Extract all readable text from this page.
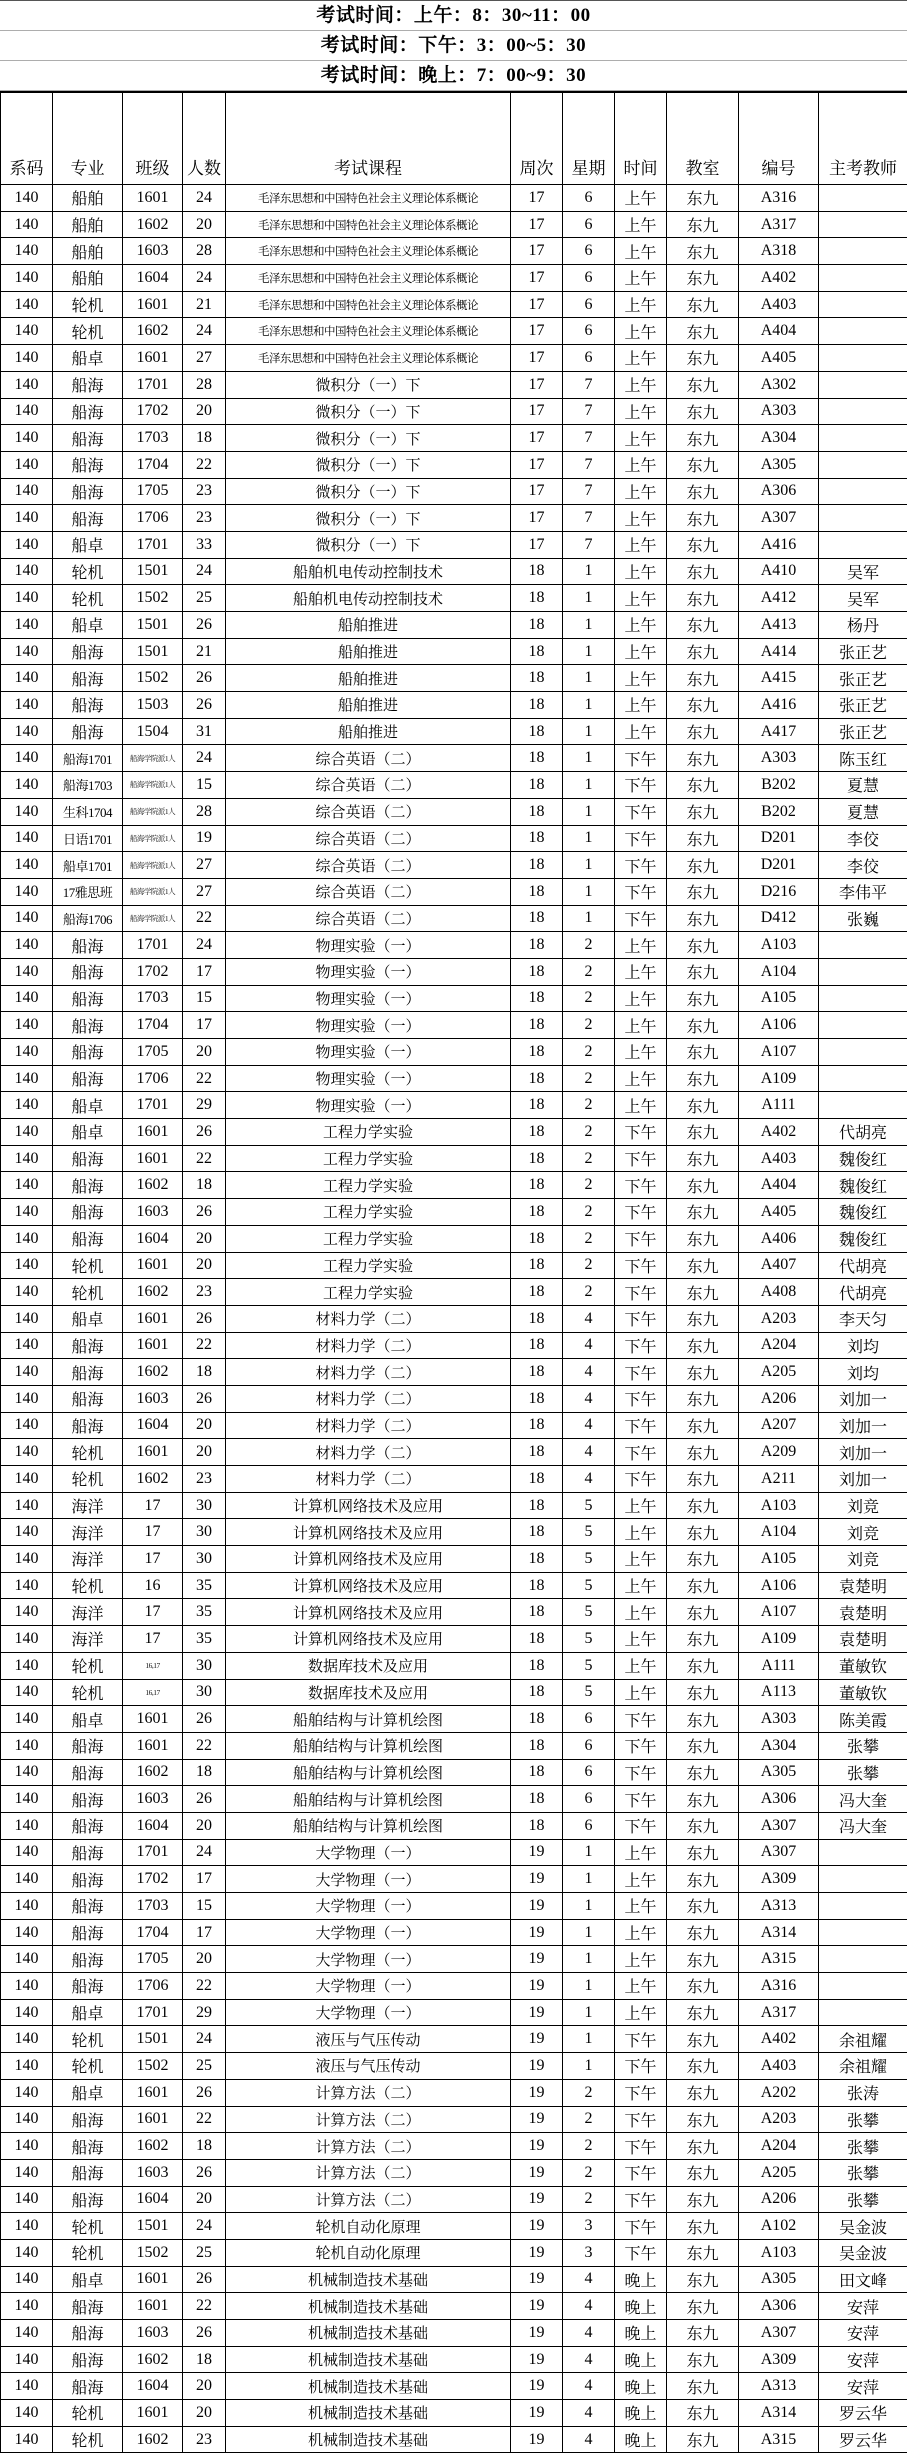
考试时间：上午：8：30~11：00
考试时间：下午：3：00~5：30
考试时间：晚上：7：00~9：30
系码	专业	班级	人数	考试课程	周次	星期	时间	教室	编号	主考教师
140	船舶	1601	24	毛泽东思想和中国特色社会主义理论体系概论	17	6	上午	东九	A316	
140	船舶	1602	20	毛泽东思想和中国特色社会主义理论体系概论	17	6	上午	东九	A317	
140	船舶	1603	28	毛泽东思想和中国特色社会主义理论体系概论	17	6	上午	东九	A318	
140	船舶	1604	24	毛泽东思想和中国特色社会主义理论体系概论	17	6	上午	东九	A402	
140	轮机	1601	21	毛泽东思想和中国特色社会主义理论体系概论	17	6	上午	东九	A403	
140	轮机	1602	24	毛泽东思想和中国特色社会主义理论体系概论	17	6	上午	东九	A404	
140	船卓	1601	27	毛泽东思想和中国特色社会主义理论体系概论	17	6	上午	东九	A405	
140	船海	1701	28	微积分（一）下	17	7	上午	东九	A302	
140	船海	1702	20	微积分（一）下	17	7	上午	东九	A303	
140	船海	1703	18	微积分（一）下	17	7	上午	东九	A304	
140	船海	1704	22	微积分（一）下	17	7	上午	东九	A305	
140	船海	1705	23	微积分（一）下	17	7	上午	东九	A306	
140	船海	1706	23	微积分（一）下	17	7	上午	东九	A307	
140	船卓	1701	33	微积分（一）下	17	7	上午	东九	A416	
140	轮机	1501	24	船舶机电传动控制技术	18	1	上午	东九	A410	吴军
140	轮机	1502	25	船舶机电传动控制技术	18	1	上午	东九	A412	吴军
140	船卓	1501	26	船舶推进	18	1	上午	东九	A413	杨丹
140	船海	1501	21	船舶推进	18	1	上午	东九	A414	张正艺
140	船海	1502	26	船舶推进	18	1	上午	东九	A415	张正艺
140	船海	1503	26	船舶推进	18	1	上午	东九	A416	张正艺
140	船海	1504	31	船舶推进	18	1	上午	东九	A417	张正艺
140	船海1701	船海学院派1人	24	综合英语（二）	18	1	下午	东九	A303	陈玉红
140	船海1703	船海学院派1人	15	综合英语（二）	18	1	下午	东九	B202	夏慧
140	生科1704	船海学院派1人	28	综合英语（二）	18	1	下午	东九	B202	夏慧
140	日语1701	船海学院派1人	19	综合英语（二）	18	1	下午	东九	D201	李佼
140	船卓1701	船海学院派1人	27	综合英语（二）	18	1	下午	东九	D201	李佼
140	17雅思班	船海学院派1人	27	综合英语（二）	18	1	下午	东九	D216	李伟平
140	船海1706	船海学院派1人	22	综合英语（二）	18	1	下午	东九	D412	张巍
140	船海	1701	24	物理实验（一）	18	2	上午	东九	A103	
140	船海	1702	17	物理实验（一）	18	2	上午	东九	A104	
140	船海	1703	15	物理实验（一）	18	2	上午	东九	A105	
140	船海	1704	17	物理实验（一）	18	2	上午	东九	A106	
140	船海	1705	20	物理实验（一）	18	2	上午	东九	A107	
140	船海	1706	22	物理实验（一）	18	2	上午	东九	A109	
140	船卓	1701	29	物理实验（一）	18	2	上午	东九	A111	
140	船卓	1601	26	工程力学实验	18	2	下午	东九	A402	代胡亮
140	船海	1601	22	工程力学实验	18	2	下午	东九	A403	魏俊红
140	船海	1602	18	工程力学实验	18	2	下午	东九	A404	魏俊红
140	船海	1603	26	工程力学实验	18	2	下午	东九	A405	魏俊红
140	船海	1604	20	工程力学实验	18	2	下午	东九	A406	魏俊红
140	轮机	1601	20	工程力学实验	18	2	下午	东九	A407	代胡亮
140	轮机	1602	23	工程力学实验	18	2	下午	东九	A408	代胡亮
140	船卓	1601	26	材料力学（二）	18	4	下午	东九	A203	李天匀
140	船海	1601	22	材料力学（二）	18	4	下午	东九	A204	刘均
140	船海	1602	18	材料力学（二）	18	4	下午	东九	A205	刘均
140	船海	1603	26	材料力学（二）	18	4	下午	东九	A206	刘加一
140	船海	1604	20	材料力学（二）	18	4	下午	东九	A207	刘加一
140	轮机	1601	20	材料力学（二）	18	4	下午	东九	A209	刘加一
140	轮机	1602	23	材料力学（二）	18	4	下午	东九	A211	刘加一
140	海洋	17	30	计算机网络技术及应用	18	5	上午	东九	A103	刘竞
140	海洋	17	30	计算机网络技术及应用	18	5	上午	东九	A104	刘竞
140	海洋	17	30	计算机网络技术及应用	18	5	上午	东九	A105	刘竞
140	轮机	16	35	计算机网络技术及应用	18	5	上午	东九	A106	袁楚明
140	海洋	17	35	计算机网络技术及应用	18	5	上午	东九	A107	袁楚明
140	海洋	17	35	计算机网络技术及应用	18	5	上午	东九	A109	袁楚明
140	轮机	16,17	30	数据库技术及应用	18	5	上午	东九	A111	董敏钦
140	轮机	16,17	30	数据库技术及应用	18	5	上午	东九	A113	董敏钦
140	船卓	1601	26	船舶结构与计算机绘图	18	6	下午	东九	A303	陈美霞
140	船海	1601	22	船舶结构与计算机绘图	18	6	下午	东九	A304	张攀
140	船海	1602	18	船舶结构与计算机绘图	18	6	下午	东九	A305	张攀
140	船海	1603	26	船舶结构与计算机绘图	18	6	下午	东九	A306	冯大奎
140	船海	1604	20	船舶结构与计算机绘图	18	6	下午	东九	A307	冯大奎
140	船海	1701	24	大学物理（一）	19	1	上午	东九	A307	
140	船海	1702	17	大学物理（一）	19	1	上午	东九	A309	
140	船海	1703	15	大学物理（一）	19	1	上午	东九	A313	
140	船海	1704	17	大学物理（一）	19	1	上午	东九	A314	
140	船海	1705	20	大学物理（一）	19	1	上午	东九	A315	
140	船海	1706	22	大学物理（一）	19	1	上午	东九	A316	
140	船卓	1701	29	大学物理（一）	19	1	上午	东九	A317	
140	轮机	1501	24	液压与气压传动	19	1	下午	东九	A402	余祖耀
140	轮机	1502	25	液压与气压传动	19	1	下午	东九	A403	余祖耀
140	船卓	1601	26	计算方法（二）	19	2	下午	东九	A202	张涛
140	船海	1601	22	计算方法（二）	19	2	下午	东九	A203	张攀
140	船海	1602	18	计算方法（二）	19	2	下午	东九	A204	张攀
140	船海	1603	26	计算方法（二）	19	2	下午	东九	A205	张攀
140	船海	1604	20	计算方法（二）	19	2	下午	东九	A206	张攀
140	轮机	1501	24	轮机自动化原理	19	3	下午	东九	A102	吴金波
140	轮机	1502	25	轮机自动化原理	19	3	下午	东九	A103	吴金波
140	船卓	1601	26	机械制造技术基础	19	4	晚上	东九	A305	田文峰
140	船海	1601	22	机械制造技术基础	19	4	晚上	东九	A306	安萍
140	船海	1603	26	机械制造技术基础	19	4	晚上	东九	A307	安萍
140	船海	1602	18	机械制造技术基础	19	4	晚上	东九	A309	安萍
140	船海	1604	20	机械制造技术基础	19	4	晚上	东九	A313	安萍
140	轮机	1601	20	机械制造技术基础	19	4	晚上	东九	A314	罗云华
140	轮机	1602	23	机械制造技术基础	19	4	晚上	东九	A315	罗云华
